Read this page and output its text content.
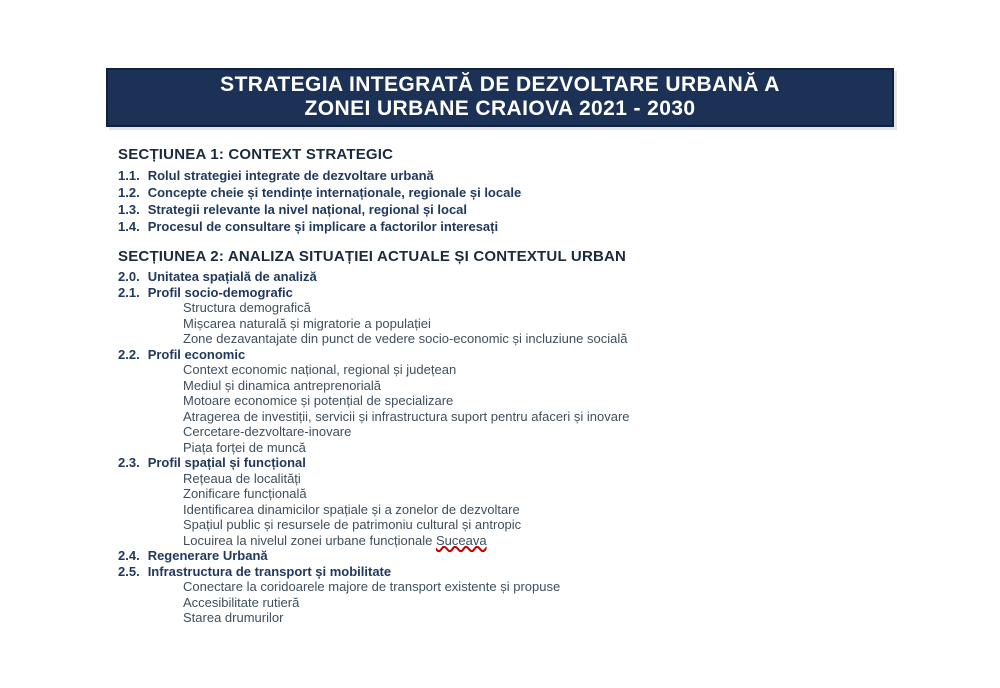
STRATEGIA INTEGRATĂ DE DEZVOLTARE URBANĂ A
ZONEI URBANE CRAIOVA 2021 - 2030
SECȚIUNEA 1: CONTEXT STRATEGIC
1.1. Rolul strategiei integrate de dezvoltare urbană
1.2. Concepte cheie și tendințe internaționale, regionale și locale
1.3. Strategii relevante la nivel național, regional și local
1.4. Procesul de consultare și implicare a factorilor interesați
SECȚIUNEA 2: ANALIZA SITUAȚIEI ACTUALE ȘI CONTEXTUL URBAN
2.0. Unitatea spațială de analiză
2.1. Profil socio-demografic
Structura demografică
Mișcarea naturală și migratorie a populației
Zone dezavantajate din punct de vedere socio-economic și incluziune socială
2.2. Profil economic
Context economic național, regional și județean
Mediul și dinamica antreprenorială
Motoare economice și potențial de specializare
Atragerea de investiții, servicii și infrastructura suport pentru afaceri și inovare
Cercetare-dezvoltare-inovare
Piața forței de muncă
2.3. Profil spațial și funcțional
Rețeaua de localități
Zonificare funcțională
Identificarea dinamicilor spațiale și a zonelor de dezvoltare
Spațiul public și resursele de patrimoniu cultural și antropic
Locuirea la nivelul zonei urbane funcționale Suceava
2.4. Regenerare Urbană
2.5. Infrastructura de transport și mobilitate
Conectare la coridoarele majore de transport existente și propuse
Accesibilitate rutieră
Starea drumurilor
